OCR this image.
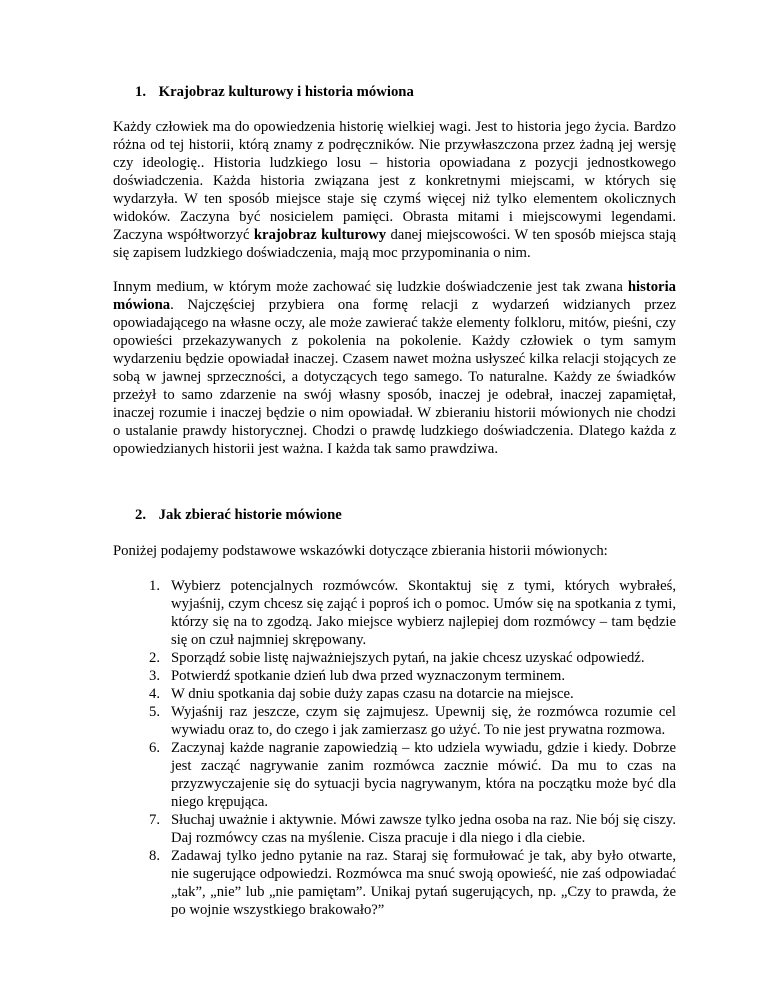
1. Krajobraz kulturowy i historia mówiona

Każdy człowiek ma do opowiedzenia historię wielkiej wagi. Jest to historia jego życia. Bardzo różna od tej historii, którą znamy z podręczników. Nie przywłaszczona przez żadną jej wersję czy ideologię.. Historia ludzkiego losu – historia opowiadana z pozycji jednostkowego doświadczenia. Każda historia związana jest z konkretnymi miejscami, w których się wydarzyła. W ten sposób miejsce staje się czymś więcej niż tylko elementem okolicznych widoków. Zaczyna być nosicielem pamięci. Obrasta mitami i miejscowymi legendami. Zaczyna współtworzyć krajobraz kulturowy danej miejscowości. W ten sposób miejsca stają się zapisem ludzkiego doświadczenia, mają moc przypominania o nim.

Innym medium, w którym może zachować się ludzkie doświadczenie jest tak zwana historia mówiona. Najczęściej przybiera ona formę relacji z wydarzeń widzianych przez opowiadającego na własne oczy, ale może zawierać także elementy folkloru, mitów, pieśni, czy opowieści przekazywanych z pokolenia na pokolenie. Każdy człowiek o tym samym wydarzeniu będzie opowiadał inaczej. Czasem nawet można usłyszeć kilka relacji stojących ze sobą w jawnej sprzeczności, a dotyczących tego samego. To naturalne. Każdy ze świadków przeżył to samo zdarzenie na swój własny sposób, inaczej je odebrał, inaczej zapamiętał, inaczej rozumie i inaczej będzie o nim opowiadał. W zbieraniu historii mówionych nie chodzi o ustalanie prawdy historycznej. Chodzi o prawdę ludzkiego doświadczenia. Dlatego każda z opowiedzianych historii jest ważna. I każda tak samo prawdziwa.

2. Jak zbierać historie mówione

Poniżej podajemy podstawowe wskazówki dotyczące zbierania historii mówionych:

1. Wybierz potencjalnych rozmówców. Skontaktuj się z tymi, których wybrałeś, wyjaśnij, czym chcesz się zająć i poproś ich o pomoc. Umów się na spotkania z tymi, którzy się na to zgodzą. Jako miejsce wybierz najlepiej dom rozmówcy – tam będzie się on czuł najmniej skrępowany.
2. Sporządź sobie listę najważniejszych pytań, na jakie chcesz uzyskać odpowiedź.
3. Potwierdź spotkanie dzień lub dwa przed wyznaczonym terminem.
4. W dniu spotkania daj sobie duży zapas czasu na dotarcie na miejsce.
5. Wyjaśnij raz jeszcze, czym się zajmujesz. Upewnij się, że rozmówca rozumie cel wywiadu oraz to, do czego i jak zamierzasz go użyć. To nie jest prywatna rozmowa.
6. Zaczynaj każde nagranie zapowiedzią – kto udziela wywiadu, gdzie i kiedy. Dobrze jest zacząć nagrywanie zanim rozmówca zacznie mówić. Da mu to czas na przyzwyczajenie się do sytuacji bycia nagrywanym, która na początku może być dla niego krępująca.
7. Słuchaj uważnie i aktywnie. Mówi zawsze tylko jedna osoba na raz. Nie bój się ciszy. Daj rozmówcy czas na myślenie. Cisza pracuje i dla niego i dla ciebie.
8. Zadawaj tylko jedno pytanie na raz. Staraj się formułować je tak, aby było otwarte, nie sugerujące odpowiedzi. Rozmówca ma snuć swoją opowieść, nie zaś odpowiadać „tak”, „nie” lub „nie pamiętam”. Unikaj pytań sugerujących, np. „Czy to prawda, że po wojnie wszystkiego brakowało?”
